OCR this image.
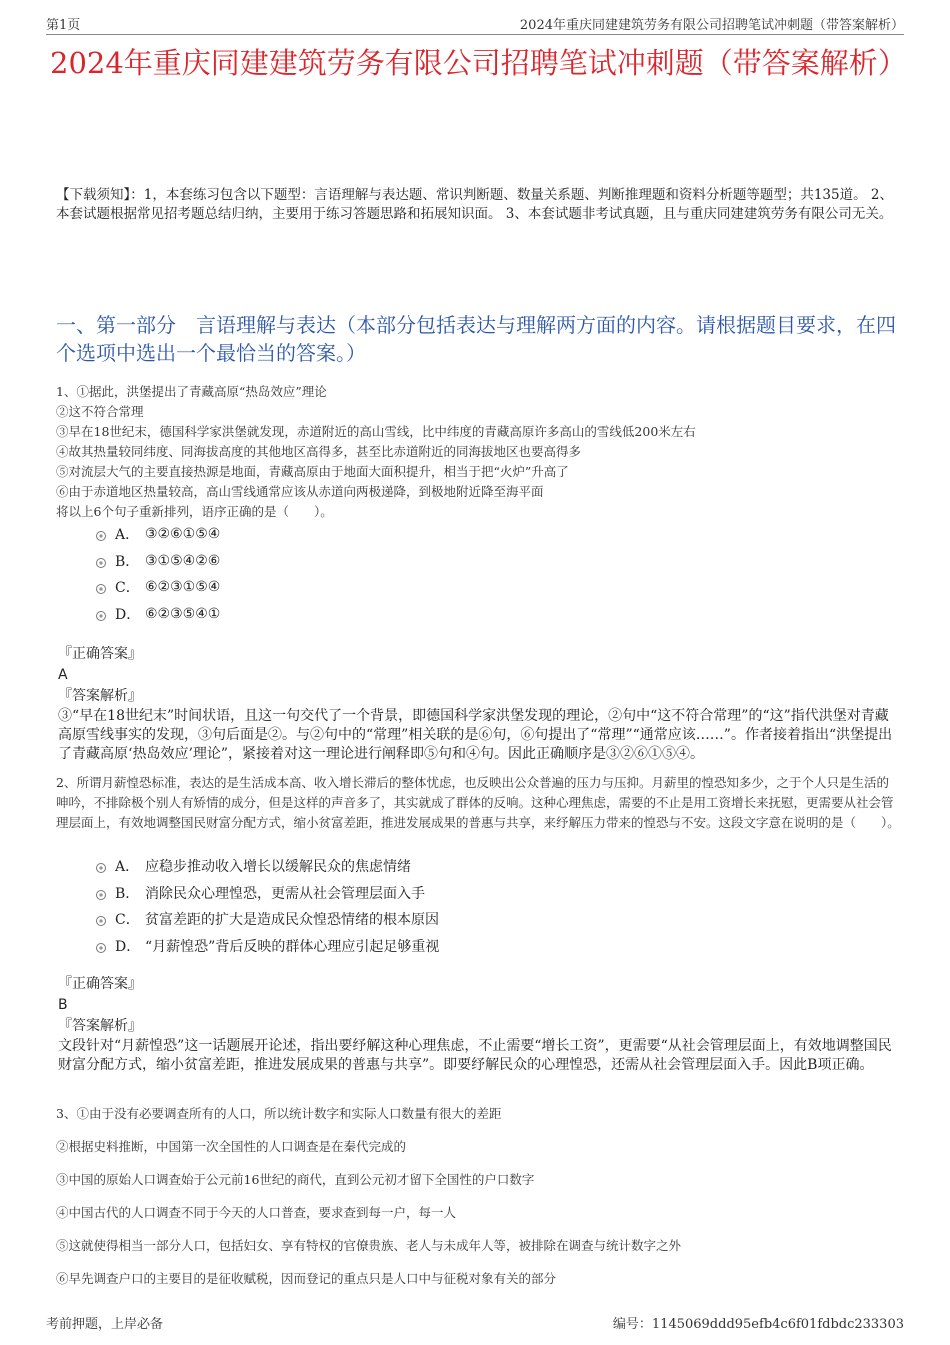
第1页	2024年重庆同建建筑劳务有限公司招聘笔试冲刺题（带答案解析）
2024年重庆同建建筑劳务有限公司招聘笔试冲刺题（带答案解析）
【下载须知】：1，本套练习包含以下题型：言语理解与表达题、常识判断题、数量关系题、判断推理题和资料分析题等题型；共135道。 2、本套试题根据常见招考题总结归纳，主要用于练习答题思路和拓展知识面。 3、本套试题非考试真题，且与重庆同建建筑劳务有限公司无关。
一、第一部分　言语理解与表达（本部分包括表达与理解两方面的内容。请根据题目要求，在四个选项中选出一个最恰当的答案。）
1、①据此，洪堡提出了青藏高原“热岛效应”理论
②这不符合常理
③早在18世纪末，德国科学家洪堡就发现，赤道附近的高山雪线，比中纬度的青藏高原许多高山的雪线低200米左右
④故其热量较同纬度、同海拔高度的其他地区高得多，甚至比赤道附近的同海拔地区也要高得多
⑤对流层大气的主要直接热源是地面，青藏高原由于地面大面积提升，相当于把“火炉”升高了
⑥由于赤道地区热量较高，高山雪线通常应该从赤道向两极递降，到极地附近降至海平面
将以上6个句子重新排列，语序正确的是（　　）。
A． ③②⑥①⑤④
B． ③①⑤④②⑥
C． ⑥②③①⑤④
D． ⑥②③⑤④①
『正确答案』
A
『答案解析』
③“早在18世纪末”时间状语，且这一句交代了一个背景，即德国科学家洪堡发现的理论，②句中“这不符合常理”的“这”指代洪堡对青藏高原雪线事实的发现，③句后面是②。与②句中的“常理”相关联的是⑥句，⑥句提出了“常理”“通常应该……”。作者接着指出“洪堡提出了青藏高原‘热岛效应’理论”，紧接着对这一理论进行阐释即⑤句和④句。因此正确顺序是③②⑥①⑤④。
2、所谓月薪惶恐标准，表达的是生活成本高、收入增长滞后的整体忧虑，也反映出公众普遍的压力与压抑。月薪里的惶恐知多少，之于个人只是生活的呻吟，不排除极个别人有矫情的成分，但是这样的声音多了，其实就成了群体的反响。这种心理焦虑，需要的不止是用工资增长来抚慰，更需要从社会管理层面上，有效地调整国民财富分配方式，缩小贫富差距，推进发展成果的普惠与共享，来纾解压力带来的惶恐与不安。这段文字意在说明的是（　　）。
A． 应稳步推动收入增长以缓解民众的焦虑情绪
B． 消除民众心理惶恐，更需从社会管理层面入手
C． 贫富差距的扩大是造成民众惶恐情绪的根本原因
D． “月薪惶恐”背后反映的群体心理应引起足够重视
『正确答案』
B
『答案解析』
文段针对“月薪惶恐”这一话题展开论述，指出要纾解这种心理焦虑，不止需要“增长工资”，更需要“从社会管理层面上，有效地调整国民财富分配方式，缩小贫富差距，推进发展成果的普惠与共享”。即要纾解民众的心理惶恐，还需从社会管理层面入手。因此B项正确。
3、①由于没有必要调查所有的人口，所以统计数字和实际人口数量有很大的差距
②根据史料推断，中国第一次全国性的人口调查是在秦代完成的
③中国的原始人口调查始于公元前16世纪的商代，直到公元初才留下全国性的户口数字
④中国古代的人口调查不同于今天的人口普查，要求查到每一户，每一人
⑤这就使得相当一部分人口，包括妇女、享有特权的官僚贵族、老人与未成年人等，被排除在调查与统计数字之外
⑥早先调查户口的主要目的是征收赋税，因而登记的重点只是人口中与征税对象有关的部分
考前押题，上岸必备	编号：1145069ddd95efb4c6f01fdbdc233303
